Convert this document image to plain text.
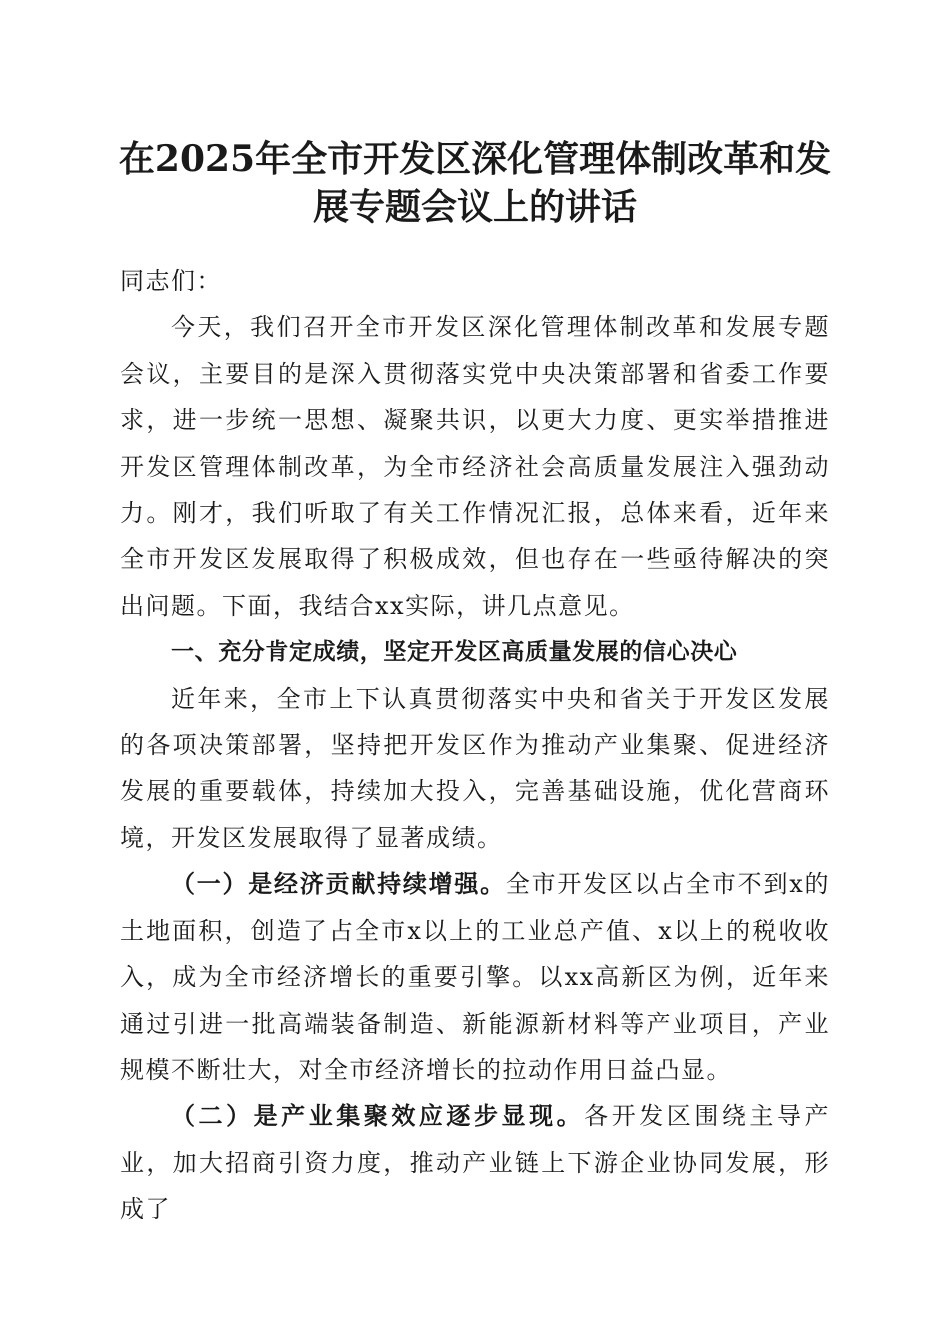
在2025年全市开发区深化管理体制改革和发
展专题会议上的讲话

同志们：

今天，我们召开全市开发区深化管理体制改革和发展专题会议，主要目的是深入贯彻落实党中央决策部署和省委工作要求，进一步统一思想、凝聚共识，以更大力度、更实举措推进开发区管理体制改革，为全市经济社会高质量发展注入强劲动力。刚才，我们听取了有关工作情况汇报，总体来看，近年来全市开发区发展取得了积极成效，但也存在一些亟待解决的突出问题。下面，我结合xx实际，讲几点意见。

一、充分肯定成绩，坚定开发区高质量发展的信心决心

近年来，全市上下认真贯彻落实中央和省关于开发区发展的各项决策部署，坚持把开发区作为推动产业集聚、促进经济发展的重要载体，持续加大投入，完善基础设施，优化营商环境，开发区发展取得了显著成绩。

（一）是经济贡献持续增强。全市开发区以占全市不到x的土地面积，创造了占全市x以上的工业总产值、x以上的税收收入，成为全市经济增长的重要引擎。以xx高新区为例，近年来通过引进一批高端装备制造、新能源新材料等产业项目，产业规模不断壮大，对全市经济增长的拉动作用日益凸显。

（二）是产业集聚效应逐步显现。各开发区围绕主导产业，加大招商引资力度，推动产业链上下游企业协同发展，形成了
